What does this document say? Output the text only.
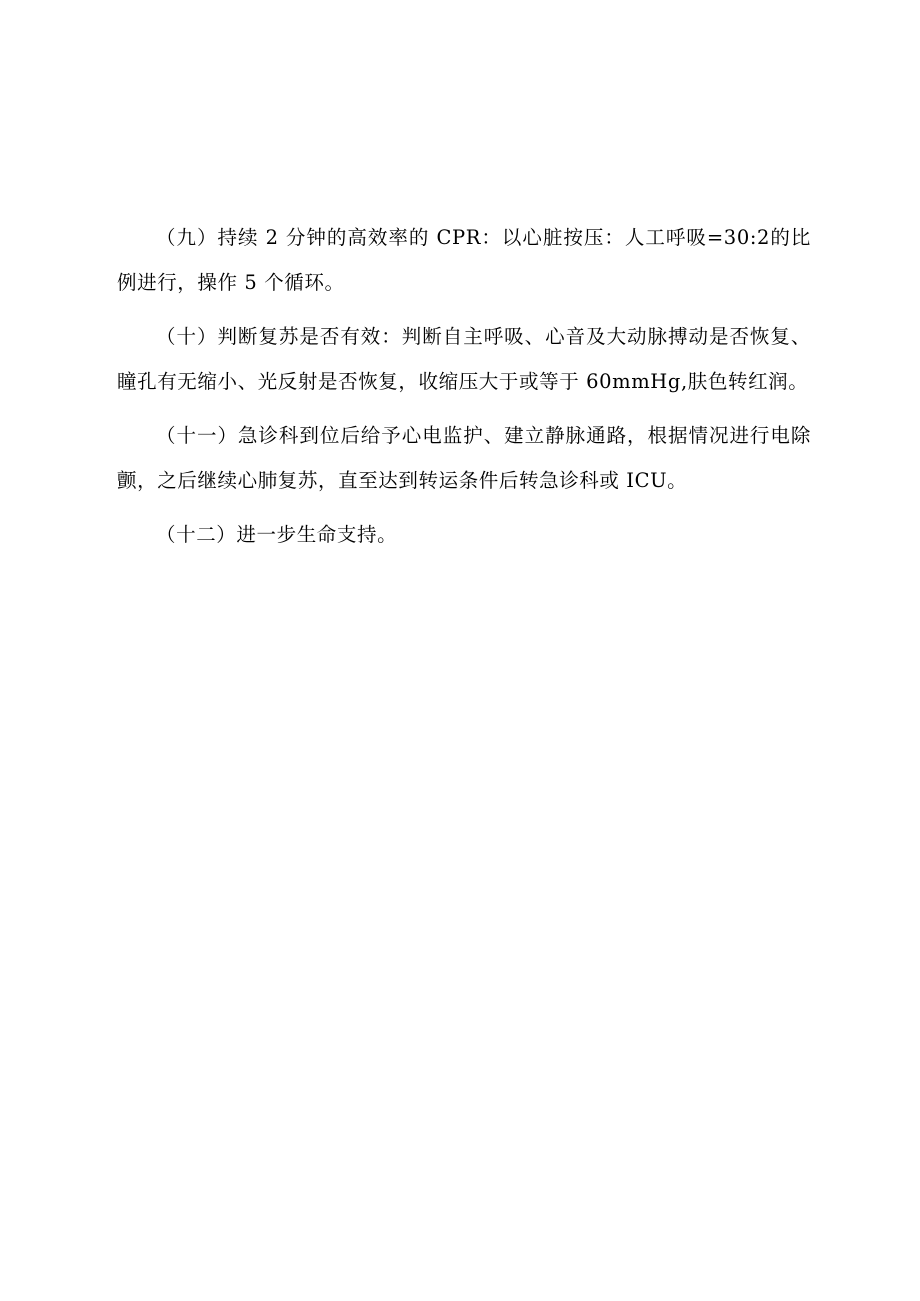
（九）持续 2 分钟的高效率的 CPR：以心脏按压：人工呼吸=30:2的比例进行，操作 5 个循环。

（十）判断复苏是否有效：判断自主呼吸、心音及大动脉搏动是否恢复、瞳孔有无缩小、光反射是否恢复，收缩压大于或等于 60mmHg,肤色转红润。

（十一）急诊科到位后给予心电监护、建立静脉通路，根据情况进行电除颤，之后继续心肺复苏，直至达到转运条件后转急诊科或 ICU。

（十二）进一步生命支持。
